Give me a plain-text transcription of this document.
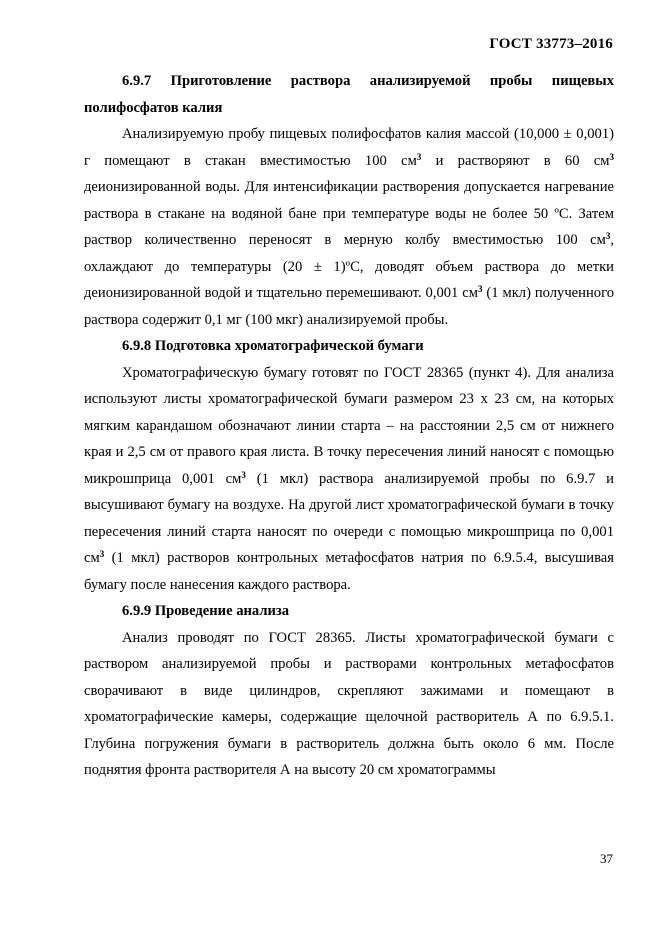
ГОСТ 33773–2016

6.9.7 Приготовление раствора анализируемой пробы пищевых полифосфатов калия

Анализируемую пробу пищевых полифосфатов калия массой (10,000 ± 0,001) г помещают в стакан вместимостью 100 $см^3$ и растворяют в 60 $см^3$ деионизированной воды. Для интенсификации растворения допускается нагревание раствора в стакане на водяной бане при температуре воды не более 50 ºС. Затем раствор количественно переносят в мерную колбу вместимостью 100 $см^3$, охлаждают до температуры (20 ± 1)ºС, доводят объем раствора до метки деионизированной водой и тщательно перемешивают. 0,001 $см^3$ (1 мкл) полученного раствора содержит 0,1 мг (100 мкг) анализируемой пробы.

6.9.8 Подготовка хроматографической бумаги

Хроматографическую бумагу готовят по ГОСТ 28365 (пункт 4). Для анализа используют листы хроматографической бумаги размером 23 х 23 см, на которых мягким карандашом обозначают линии старта – на расстоянии 2,5 см от нижнего края и 2,5 см от правого края листа. В точку пересечения линий наносят с помощью микрошприца 0,001 $см^3$ (1 мкл) раствора анализируемой пробы по 6.9.7 и высушивают бумагу на воздухе. На другой лист хроматографической бумаги в точку пересечения линий старта наносят по очереди с помощью микрошприца по 0,001 $см^3$ (1 мкл) растворов контрольных метафосфатов натрия по 6.9.5.4, высушивая бумагу после нанесения каждого раствора.

6.9.9 Проведение анализа

Анализ проводят по ГОСТ 28365. Листы хроматографической бумаги с раствором анализируемой пробы и растворами контрольных метафосфатов сворачивают в виде цилиндров, скрепляют зажимами и помещают в хроматографические камеры, содержащие щелочной растворитель А по 6.9.5.1. Глубина погружения бумаги в растворитель должна быть около 6 мм. После поднятия фронта растворителя А на высоту 20 см хроматограммы

37
